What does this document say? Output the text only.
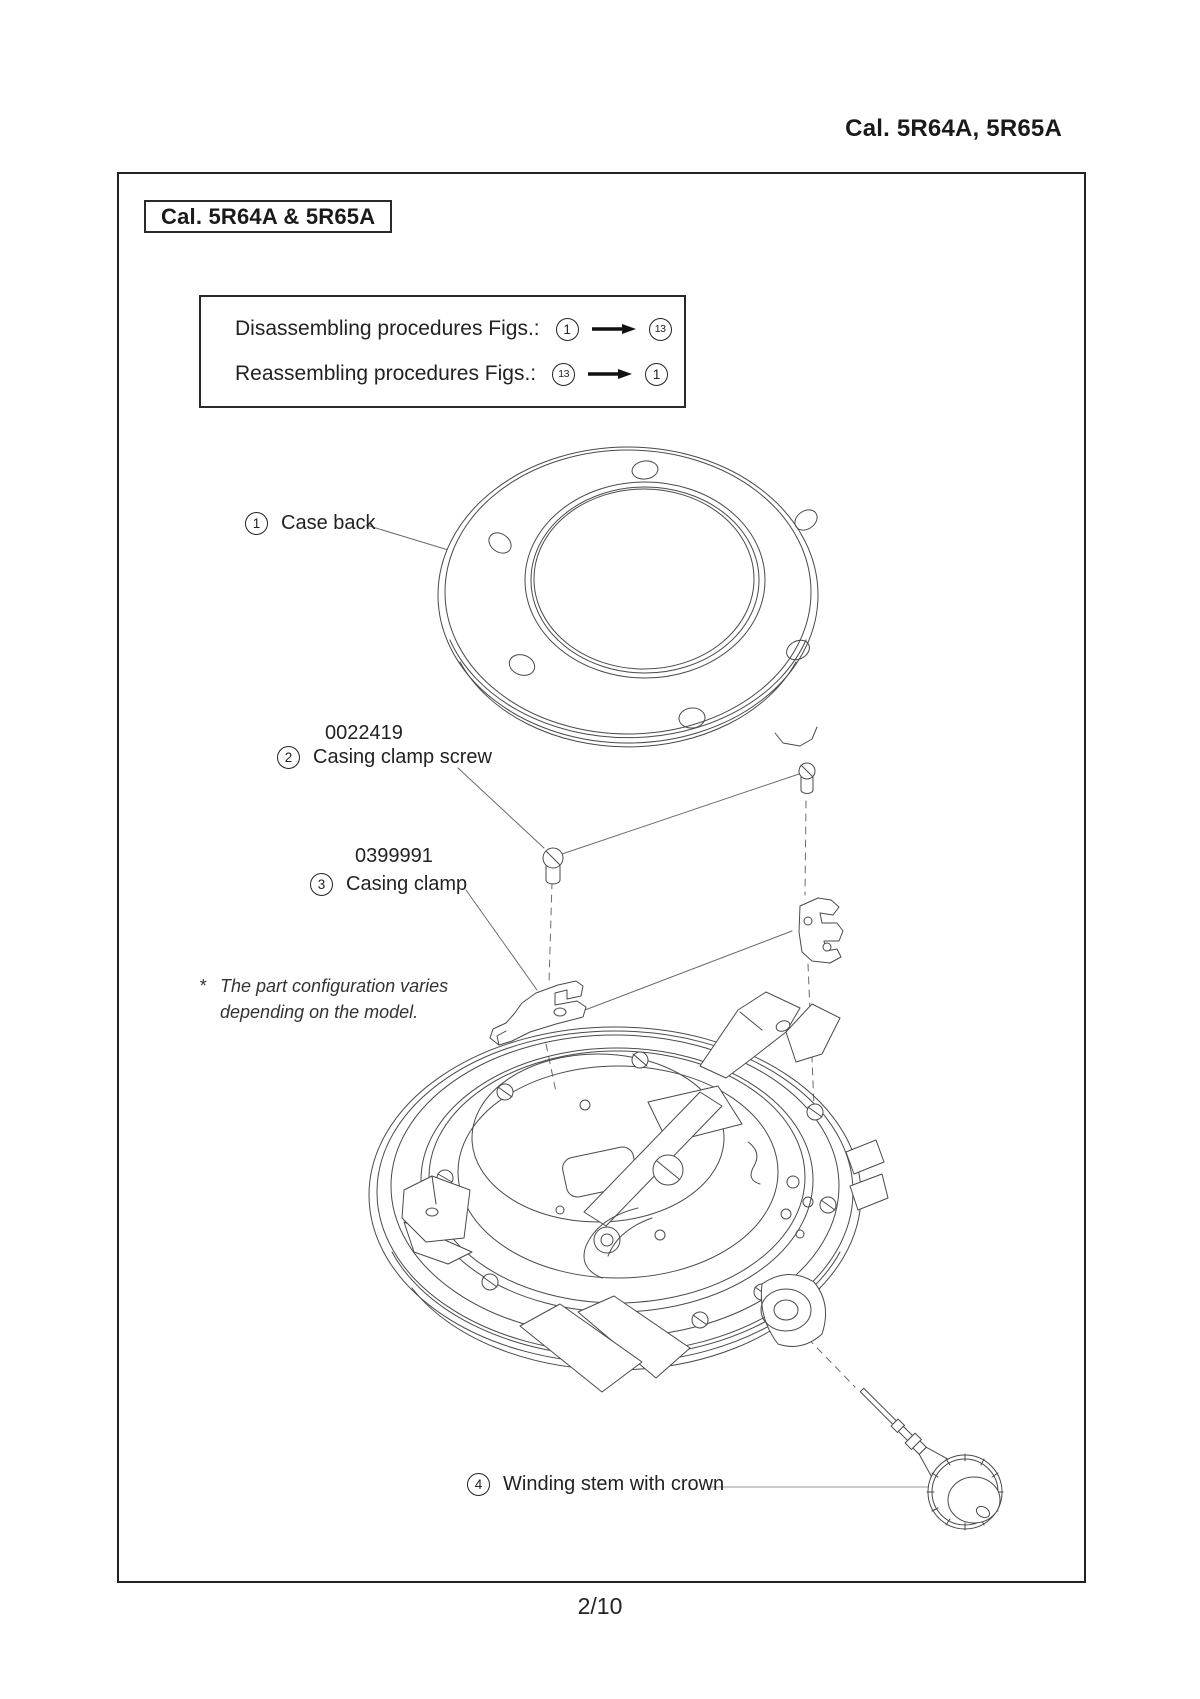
Cal. 5R64A, 5R65A
Cal. 5R64A & 5R65A
Disassembling procedures Figs.:	1	13
Reassembling procedures Figs.:	13	1
1	Case back
0022419
2	Casing clamp screw
0399991
3	Casing clamp
* The part configuration varies
depending on the model.
4	Winding stem with crown
2/10
